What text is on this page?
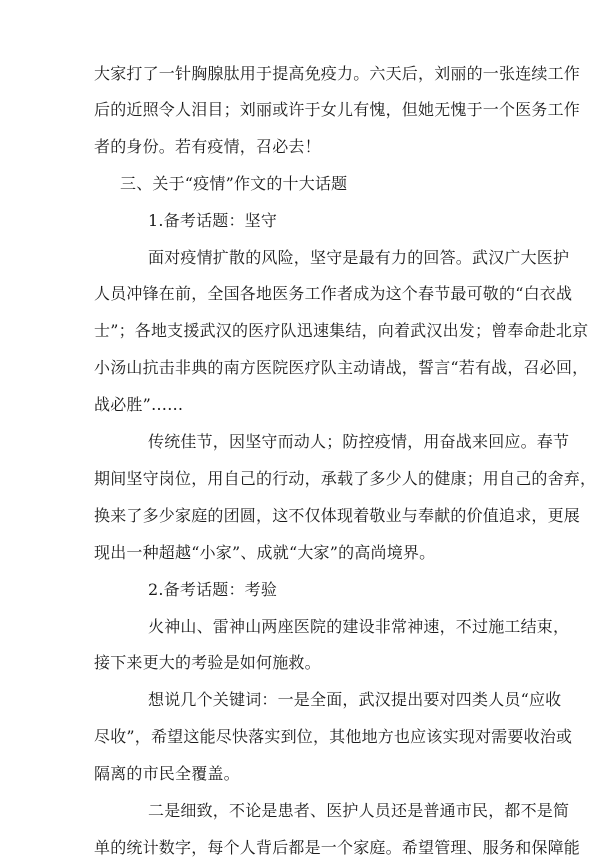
大家打了一针胸腺肽用于提高免疫力。六天后，刘丽的一张连续工作
后的近照令人泪目；刘丽或许于女儿有愧，但她无愧于一个医务工作
者的身份。若有疫情，召必去！
三、关于“疫情”作文的十大话题
1.备考话题：坚守
面对疫情扩散的风险，坚守是最有力的回答。武汉广大医护
人员冲锋在前，全国各地医务工作者成为这个春节最可敬的“白衣战
士”；各地支援武汉的医疗队迅速集结，向着武汉出发；曾奉命赴北京
小汤山抗击非典的南方医院医疗队主动请战，誓言“若有战，召必回，
战必胜”……
传统佳节，因坚守而动人；防控疫情，用奋战来回应。春节
期间坚守岗位，用自己的行动，承载了多少人的健康；用自己的舍弃，
换来了多少家庭的团圆，这不仅体现着敬业与奉献的价值追求，更展
现出一种超越“小家”、成就“大家”的高尚境界。
2.备考话题：考验
火神山、雷神山两座医院的建设非常神速，不过施工结束，
接下来更大的考验是如何施救。
想说几个关键词：一是全面，武汉提出要对四类人员“应收
尽收”，希望这能尽快落实到位，其他地方也应该实现对需要收治或
隔离的市民全覆盖。
二是细致，不论是患者、医护人员还是普通市民，都不是简
单的统计数字，每个人背后都是一个家庭。希望管理、服务和保障能
